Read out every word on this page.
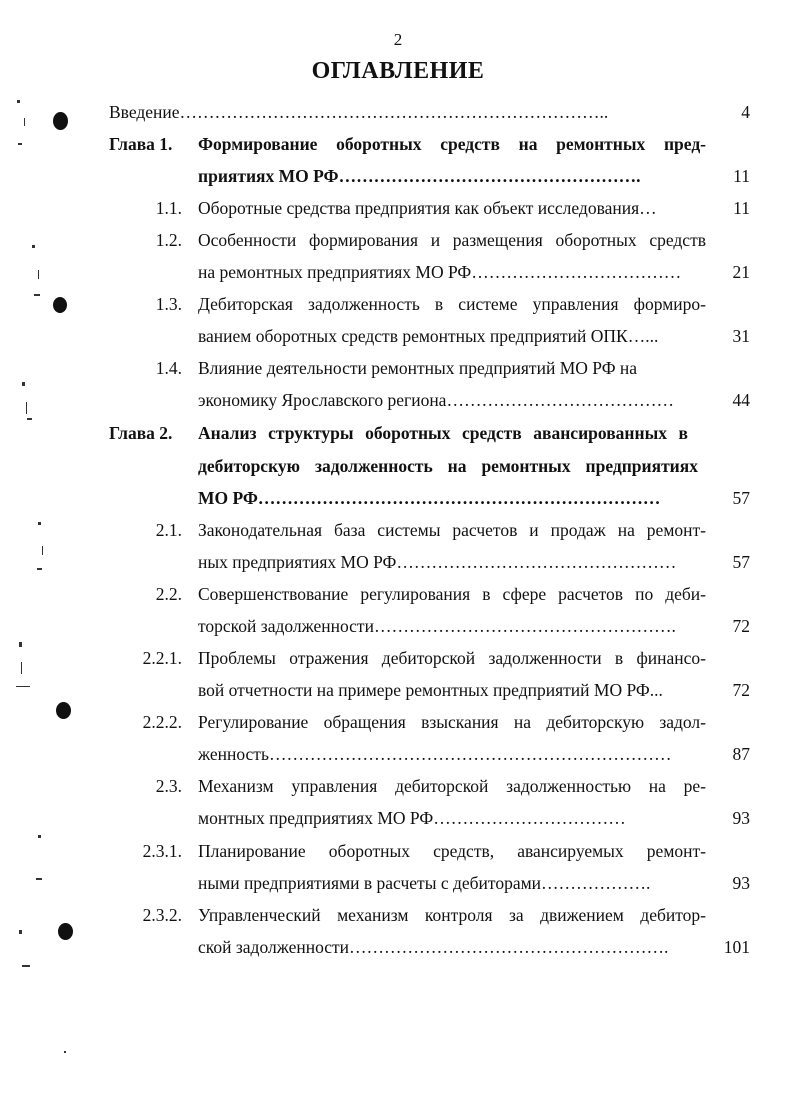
2
ОГЛАВЛЕНИЕ
Введение………………………………………………………………..	4
Глава 1. Формирование оборотных средств на ремонтных пред-
приятиях МО РФ…………………………………………….	11
1.1. Оборотные средства предприятия как объект исследования…	11
1.2. Особенности формирования и размещения оборотных средств
на ремонтных предприятиях МО РФ………………………………	21
1.3. Дебиторская задолженность в системе управления формиро-
ванием оборотных средств ремонтных предприятий ОПК…...	31
1.4. Влияние деятельности ремонтных предприятий МО РФ на
экономику Ярославского региона…………………………………	44
Глава 2. Анализ структуры оборотных средств авансированных в
дебиторскую задолженность на ремонтных предприятиях
МО РФ……………………………………………………………	57
2.1. Законодательная база системы расчетов и продаж на ремонт-
ных предприятиях МО РФ…………………………………………	57
2.2. Совершенствование регулирования в сфере расчетов по деби-
торской задолженности…………………………………………….	72
2.2.1. Проблемы отражения дебиторской задолженности в финансо-
вой отчетности на примере ремонтных предприятий МО РФ...	72
2.2.2. Регулирование обращения взыскания на дебиторскую задол-
женность……………………………………………………………	87
2.3. Механизм управления дебиторской задолженностью на ре-
монтных предприятиях МО РФ……………………………	93
2.3.1. Планирование оборотных средств, авансируемых ремонт-
ными предприятиями в расчеты с дебиторами……………….	93
2.3.2. Управленческий механизм контроля за движением дебитор-
ской задолженности……………………………………………….	101
